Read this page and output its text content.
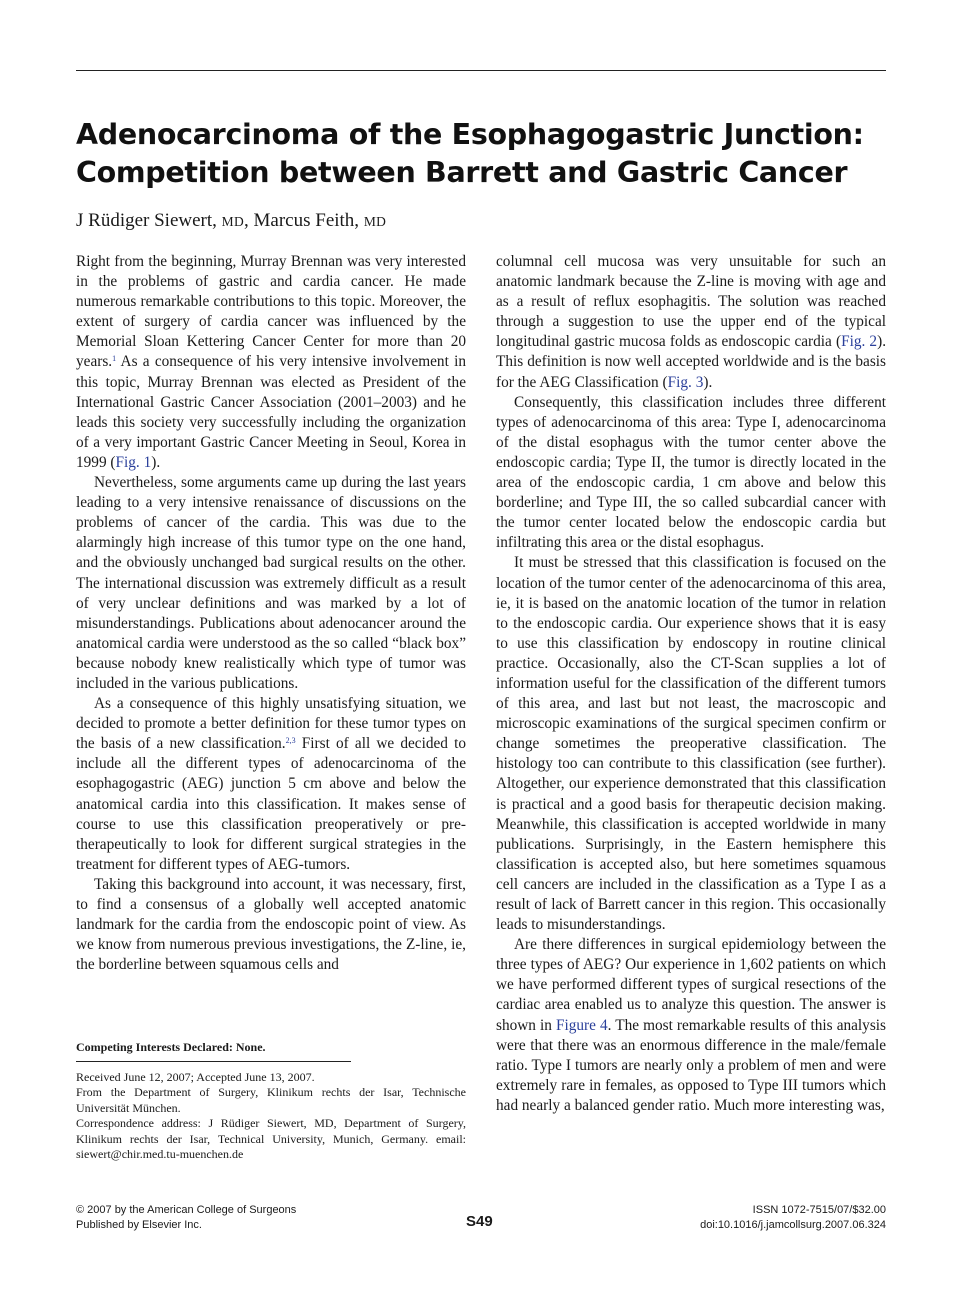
Adenocarcinoma of the Esophagogastric Junction:
Competition between Barrett and Gastric Cancer
J Rüdiger Siewert, MD, Marcus Feith, MD

Right from the beginning, Murray Brennan was very interested in the problems of gastric and cardia cancer. He made numerous remarkable contributions to this topic. Moreover, the extent of surgery of cardia cancer was influenced by the Memorial Sloan Kettering Cancer Center for more than 20 years.$^1$ As a consequence of his very intensive involvement in this topic, Murray Brennan was elected as President of the International Gastric Cancer Association (2001–2003) and he leads this society very successfully including the organization of a very important Gastric Cancer Meeting in Seoul, Korea in 1999 (Fig. 1).

Nevertheless, some arguments came up during the last years leading to a very intensive renaissance of discussions on the problems of cancer of the cardia. This was due to the alarmingly high increase of this tumor type on the one hand, and the obviously unchanged bad surgical results on the other. The international discussion was extremely difficult as a result of very unclear definitions and was marked by a lot of misunderstandings. Publications about adenocancer around the anatomical cardia were understood as the so called “black box” because nobody knew realistically which type of tumor was included in the various publications.

As a consequence of this highly unsatisfying situation, we decided to promote a better definition for these tumor types on the basis of a new classification.$^{2,3}$ First of all we decided to include all the different types of adenocarcinoma of the esophagogastric (AEG) junction 5 cm above and below the anatomical cardia into this classification. It makes sense of course to use this classification preoperatively or pre-therapeutically to look for different surgical strategies in the treatment for different types of AEG-tumors.

Taking this background into account, it was necessary, first, to find a consensus of a globally well accepted anatomic landmark for the cardia from the endoscopic point of view. As we know from numerous previous investigations, the Z-line, ie, the borderline between squamous cells and

columnal cell mucosa was very unsuitable for such an anatomic landmark because the Z-line is moving with age and as a result of reflux esophagitis. The solution was reached through a suggestion to use the upper end of the typical longitudinal gastric mucosa folds as endoscopic cardia (Fig. 2). This definition is now well accepted worldwide and is the basis for the AEG Classification (Fig. 3).

Consequently, this classification includes three different types of adenocarcinoma of this area: Type I, adenocarcinoma of the distal esophagus with the tumor center above the endoscopic cardia; Type II, the tumor is directly located in the area of the endoscopic cardia, 1 cm above and below this borderline; and Type III, the so called subcardial cancer with the tumor center located below the endoscopic cardia but infiltrating this area or the distal esophagus.

It must be stressed that this classification is focused on the location of the tumor center of the adenocarcinoma of this area, ie, it is based on the anatomic location of the tumor in relation to the endoscopic cardia. Our experience shows that it is easy to use this classification by endoscopy in routine clinical practice. Occasionally, also the CT-Scan supplies a lot of information useful for the classification of the different tumors of this area, and last but not least, the macroscopic and microscopic examinations of the surgical specimen confirm or change sometimes the preoperative classification. The histology too can contribute to this classification (see further). Altogether, our experience demonstrated that this classification is practical and a good basis for therapeutic decision making. Meanwhile, this classification is accepted worldwide in many publications. Surprisingly, in the Eastern hemisphere this classification is accepted also, but here sometimes squamous cell cancers are included in the classification as a Type I as a result of lack of Barrett cancer in this region. This occasionally leads to misunderstandings.

Are there differences in surgical epidemiology between the three types of AEG? Our experience in 1,602 patients on which we have performed different types of surgical resections of the cardiac area enabled us to analyze this question. The answer is shown in Figure 4. The most remarkable results of this analysis were that there was an enormous difference in the male/female ratio. Type I tumors are nearly only a problem of men and were extremely rare in females, as opposed to Type III tumors which had nearly a balanced gender ratio. Much more interesting was,

Competing Interests Declared: None.

Received June 12, 2007; Accepted June 13, 2007.

From the Department of Surgery, Klinikum rechts der Isar, Technische Universität München.

Correspondence address: J Rüdiger Siewert, MD, Department of Surgery, Klinikum rechts der Isar, Technical University, Munich, Germany. email: siewert@chir.med.tu-muenchen.de

© 2007 by the American College of Surgeons
Published by Elsevier Inc.	S49
ISSN 1072-7515/07/$32.00
doi:10.1016/j.jamcollsurg.2007.06.324
